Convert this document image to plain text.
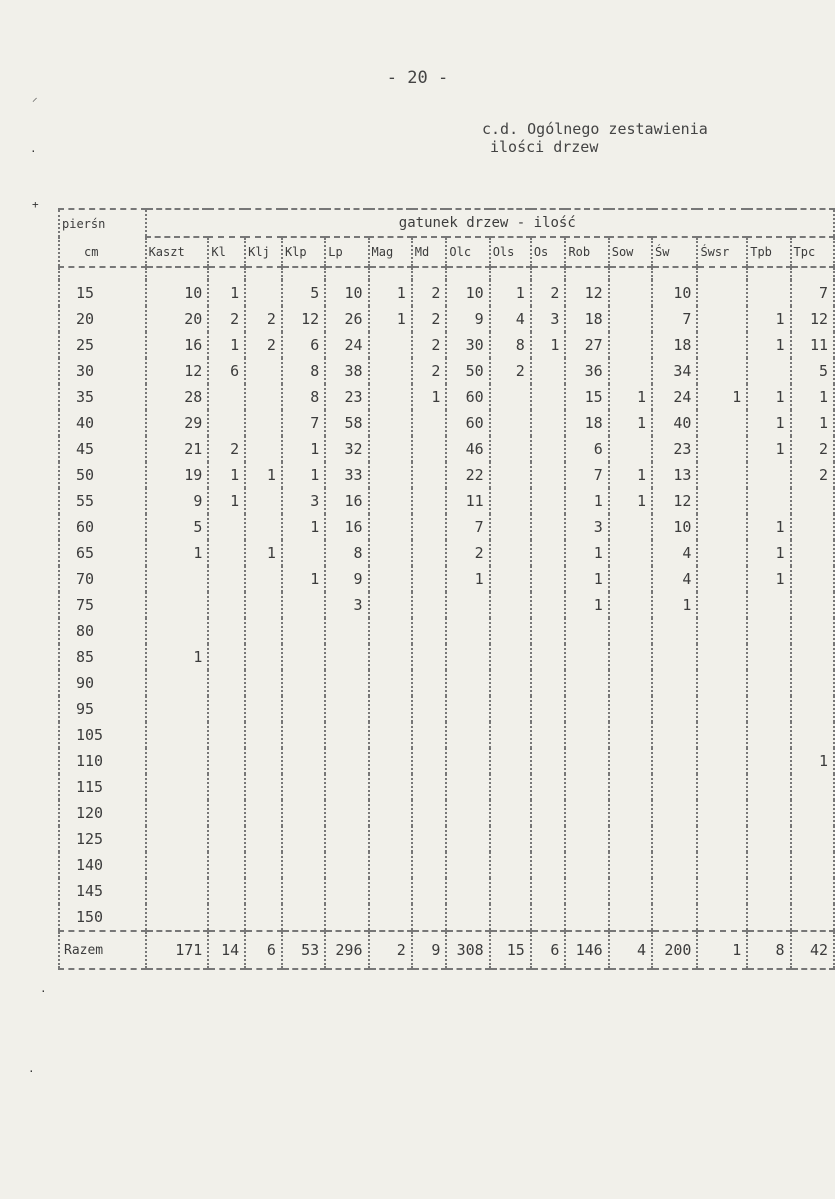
- 20 -
c.d. Ogólnego zestawienia
ilości drzew
⸝
·
+
·
·
pierśn	gatunek drzew - ilość															
cm	Kaszt	Kl	Klj	Klp	Lp	Mag	Md	Olc	Ols	Os	Rob	Sow	Św	Śwsr	Tpb	Tpc

15	10	1		5	10	1	2	10	1	2	12		10			7
20	20	2	2	12	26	1	2	9	4	3	18		7		1	12
25	16	1	2	6	24		2	30	8	1	27		18		1	11
30	12	6		8	38		2	50	2		36		34			5
35	28			8	23		1	60			15	1	24	1	1	1
40	29			7	58			60			18	1	40		1	1
45	21	2		1	32			46			6		23		1	2
50	19	1	1	1	33			22			7	1	13			2
55	9	1		3	16			11			1	1	12			
60	5			1	16			7			3		10		1	
65	1		1		8			2			1		4		1	
70				1	9			1			1		4		1	
75					3						1		1			
80																
85	1															
90																
95																
105																
110																1
115																
120																
125																
140																
145																
150																
Razem	171	14	6	53	296	2	9	308	15	6	146	4	200	1	8	42
